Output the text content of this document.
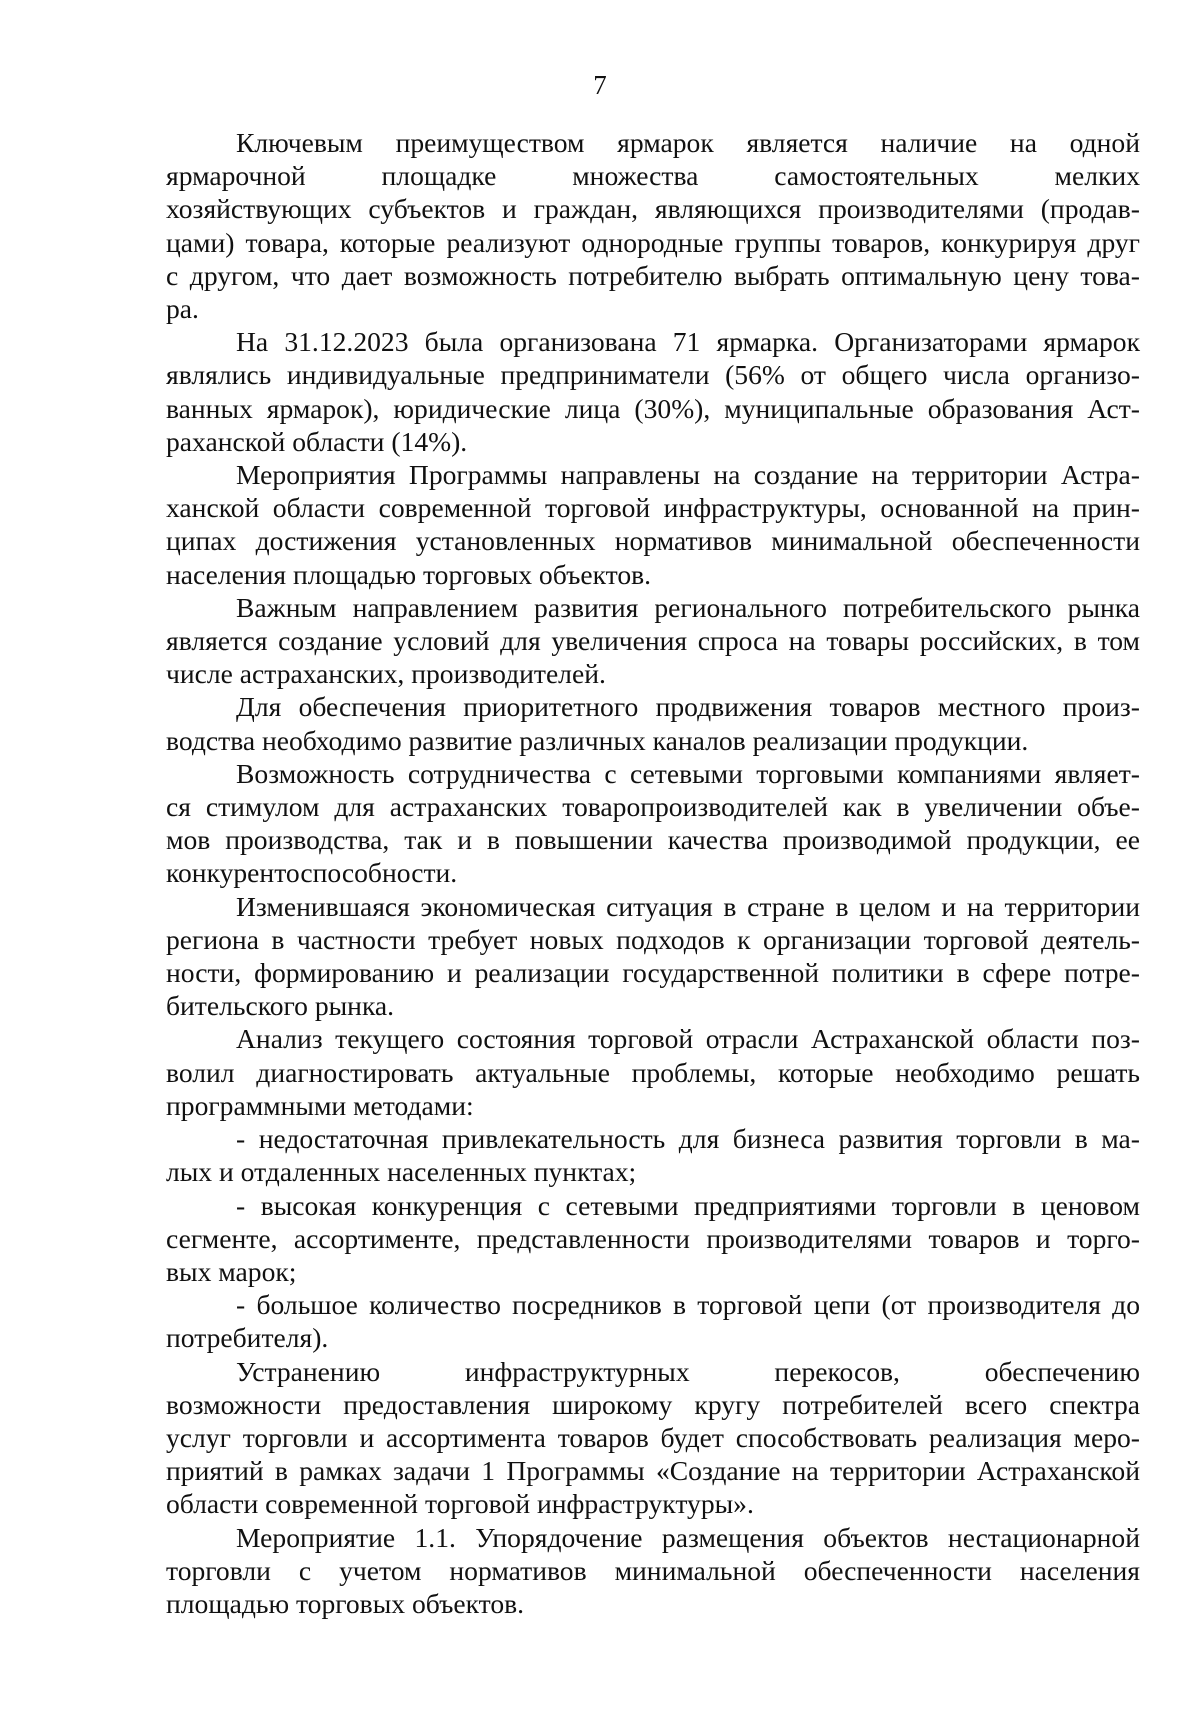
7
Ключевым преимуществом ярмарок является наличие на одной
ярмарочной площадке множества самостоятельных мелких
хозяйствующих субъектов и граждан, являющихся производителями (продав-
цами) товара, которые реализуют однородные группы товаров, конкурируя друг
с другом, что дает возможность потребителю выбрать оптимальную цену това-
ра.
На 31.12.2023 была организована 71 ярмарка. Организаторами ярмарок
являлись индивидуальные предприниматели (56% от общего числа организо-
ванных ярмарок), юридические лица (30%), муниципальные образования Аст-
раханской области (14%).
Мероприятия Программы направлены на создание на территории Астра-
ханской области современной торговой инфраструктуры, основанной на прин-
ципах достижения установленных нормативов минимальной обеспеченности
населения площадью торговых объектов.
Важным направлением развития регионального потребительского рынка
является создание условий для увеличения спроса на товары российских, в том
числе астраханских, производителей.
Для обеспечения приоритетного продвижения товаров местного произ-
водства необходимо развитие различных каналов реализации продукции.
Возможность сотрудничества с сетевыми торговыми компаниями являет-
ся стимулом для астраханских товаропроизводителей как в увеличении объе-
мов производства, так и в повышении качества производимой продукции, ее
конкурентоспособности.
Изменившаяся экономическая ситуация в стране в целом и на территории
региона в частности требует новых подходов к организации торговой деятель-
ности, формированию и реализации государственной политики в сфере потре-
бительского рынка.
Анализ текущего состояния торговой отрасли Астраханской области поз-
волил диагностировать актуальные проблемы, которые необходимо решать
программными методами:
- недостаточная привлекательность для бизнеса развития торговли в ма-
лых и отдаленных населенных пунктах;
- высокая конкуренция с сетевыми предприятиями торговли в ценовом
сегменте, ассортименте, представленности производителями товаров и торго-
вых марок;
- большое количество посредников в торговой цепи (от производителя до
потребителя).
Устранению инфраструктурных перекосов, обеспечению
возможности предоставления широкому кругу потребителей всего спектра
услуг торговли и ассортимента товаров будет способствовать реализация меро-
приятий в рамках задачи 1 Программы «Создание на территории Астраханской
области современной торговой инфраструктуры».
Мероприятие 1.1. Упорядочение размещения объектов нестационарной
торговли с учетом нормативов минимальной обеспеченности населения
площадью торговых объектов.
